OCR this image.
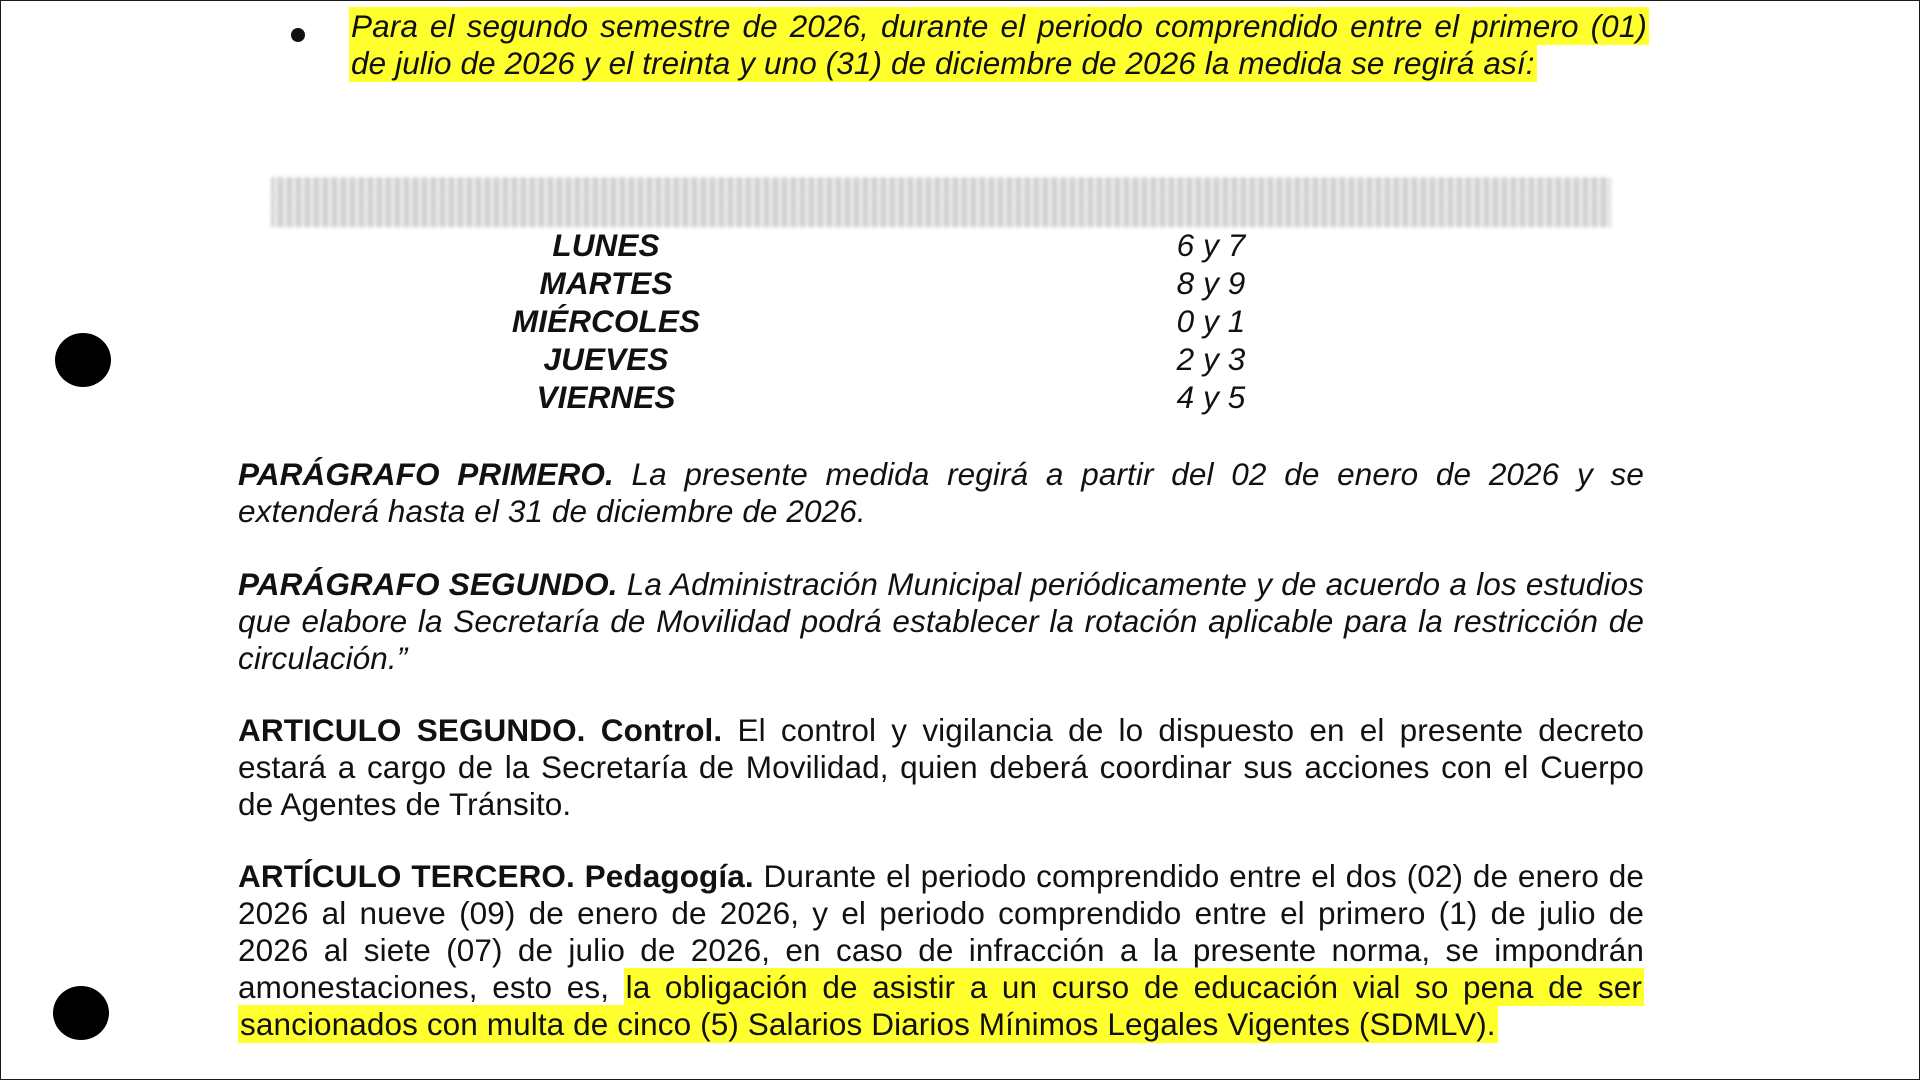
Para el segundo semestre de 2026, durante el periodo comprendido entre el primero (01) de julio de 2026 y el treinta y uno (31) de diciembre de 2026 la medida se regirá así:
LUNES	6 y 7
MARTES	8 y 9
MIÉRCOLES	0 y 1
JUEVES	2 y 3
VIERNES	4 y 5
PARÁGRAFO PRIMERO. La presente medida regirá a partir del 02 de enero de 2026 y se extenderá hasta el 31 de diciembre de 2026.
PARÁGRAFO SEGUNDO. La Administración Municipal periódicamente y de acuerdo a los estudios que elabore la Secretaría de Movilidad podrá establecer la rotación aplicable para la restricción de circulación.”
ARTICULO SEGUNDO. Control. El control y vigilancia de lo dispuesto en el presente decreto estará a cargo de la Secretaría de Movilidad, quien deberá coordinar sus acciones con el Cuerpo de Agentes de Tránsito.
ARTÍCULO TERCERO. Pedagogía. Durante el periodo comprendido entre el dos (02) de enero de 2026 al nueve (09) de enero de 2026, y el periodo comprendido entre el primero (1) de julio de 2026 al siete (07) de julio de 2026, en caso de infracción a la presente norma, se impondrán amonestaciones, esto es, la obligación de asistir a un curso de educación vial so pena de ser sancionados con multa de cinco (5) Salarios Diarios Mínimos Legales Vigentes (SDMLV).
